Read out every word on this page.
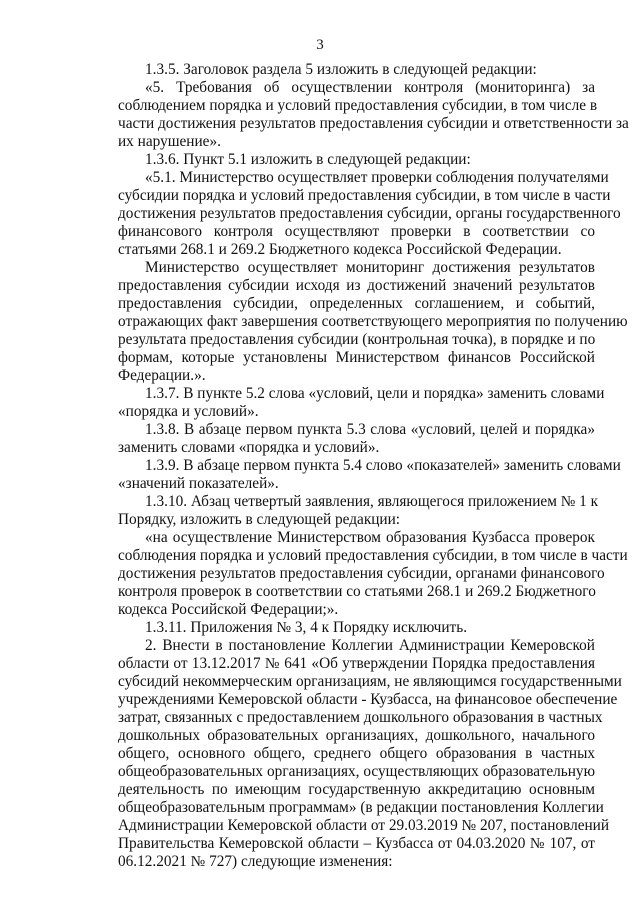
3
1.3.5. Заголовок раздела 5 изложить в следующей редакции:
«5. Требования об осуществлении контроля (мониторинга) за
соблюдением порядка и условий предоставления субсидии, в том числе в
части достижения результатов предоставления субсидии и ответственности за
их нарушение».
1.3.6. Пункт 5.1 изложить в следующей редакции:
«5.1. Министерство осуществляет проверки соблюдения получателями
субсидии порядка и условий предоставления субсидии, в том числе в части
достижения результатов предоставления субсидии, органы государственного
финансового контроля осуществляют проверки в соответствии со
статьями 268.1 и 269.2 Бюджетного кодекса Российской Федерации.
Министерство осуществляет мониторинг достижения результатов
предоставления субсидии исходя из достижений значений результатов
предоставления субсидии, определенных соглашением, и событий,
отражающих факт завершения соответствующего мероприятия по получению
результата предоставления субсидии (контрольная точка), в порядке и по
формам, которые установлены Министерством финансов Российской
Федерации.».
1.3.7. В пункте 5.2 слова «условий, цели и порядка» заменить словами
«порядка и условий».
1.3.8. В абзаце первом пункта 5.3 слова «условий, целей и порядка»
заменить словами «порядка и условий».
1.3.9. В абзаце первом пункта 5.4 слово «показателей» заменить словами
«значений показателей».
1.3.10. Абзац четвертый заявления, являющегося приложением № 1 к
Порядку, изложить в следующей редакции:
«на осуществление Министерством образования Кузбасса проверок
соблюдения порядка и условий предоставления субсидии, в том числе в части
достижения результатов предоставления субсидии, органами финансового
контроля проверок в соответствии со статьями 268.1 и 269.2 Бюджетного
кодекса Российской Федерации;».
1.3.11. Приложения № 3, 4 к Порядку исключить.
2. Внести в постановление Коллегии Администрации Кемеровской
области от 13.12.2017 № 641 «Об утверждении Порядка предоставления
субсидий некоммерческим организациям, не являющимся государственными
учреждениями Кемеровской области - Кузбасса, на финансовое обеспечение
затрат, связанных с предоставлением дошкольного образования в частных
дошкольных образовательных организациях, дошкольного, начального
общего, основного общего, среднего общего образования в частных
общеобразовательных организациях, осуществляющих образовательную
деятельность по имеющим государственную аккредитацию основным
общеобразовательным программам» (в редакции постановления Коллегии
Администрации Кемеровской области от 29.03.2019 № 207, постановлений
Правительства Кемеровской области – Кузбасса от 04.03.2020 № 107, от
06.12.2021 № 727) следующие изменения:
